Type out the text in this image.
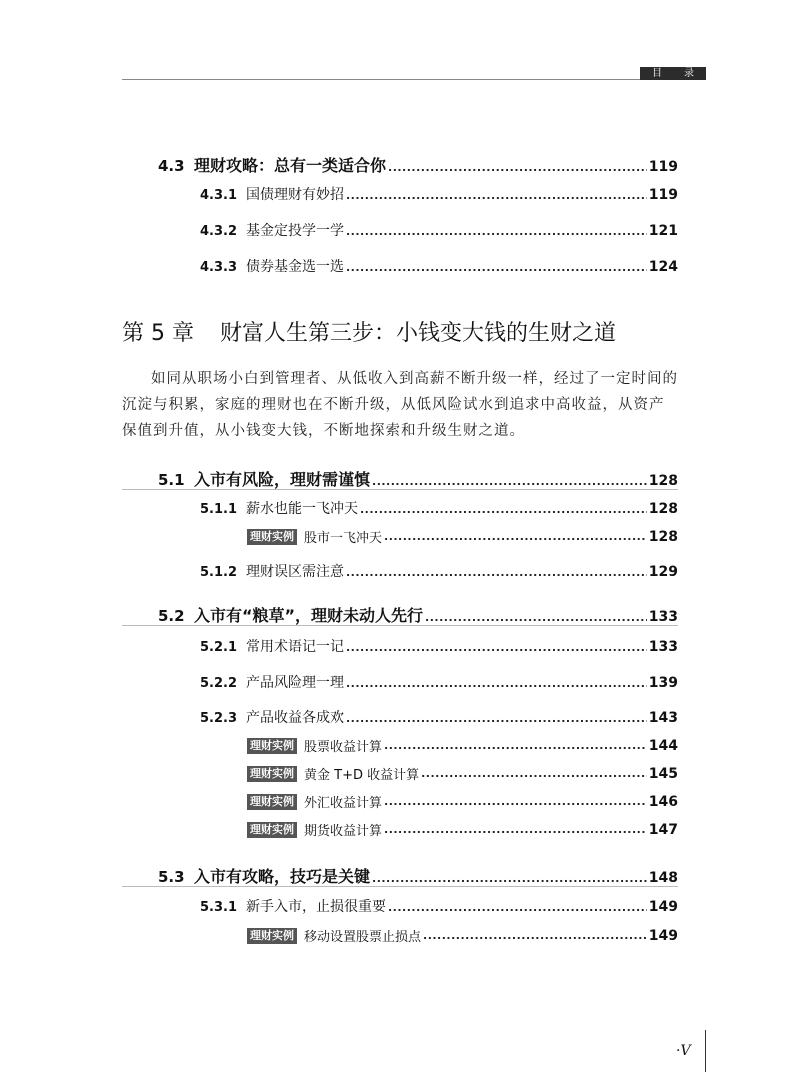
目 录
4.3 理财攻略：总有一类适合你 .....	119
4.3.1 国债理财有妙招 .....	119
4.3.2 基金定投学一学 .....	121
4.3.3 债券基金选一选 .....	124
第 5 章 财富人生第三步：小钱变大钱的生财之道
如同从职场小白到管理者、从低收入到高薪不断升级一样，经过了一定时间的沉淀与积累，家庭的理财也在不断升级，从低风险试水到追求中高收益，从资产保值到升值，从小钱变大钱，不断地探索和升级生财之道。
5.1 入市有风险，理财需谨慎 .....	128
5.1.1 薪水也能一飞冲天 .....	128
理财实例 股市一飞冲天 .....	128
5.1.2 理财误区需注意 .....	129
5.2 入市有“粮草”，理财未动人先行 .....	133
5.2.1 常用术语记一记 .....	133
5.2.2 产品风险理一理 .....	139
5.2.3 产品收益各成欢 .....	143
理财实例 股票收益计算 .....	144
理财实例 黄金 T+D 收益计算 .....	145
理财实例 外汇收益计算 .....	146
理财实例 期货收益计算 .....	147
5.3 入市有攻略，技巧是关键 .....	148
5.3.1 新手入市，止损很重要 .....	149
理财实例 移动设置股票止损点 .....	149
·V
